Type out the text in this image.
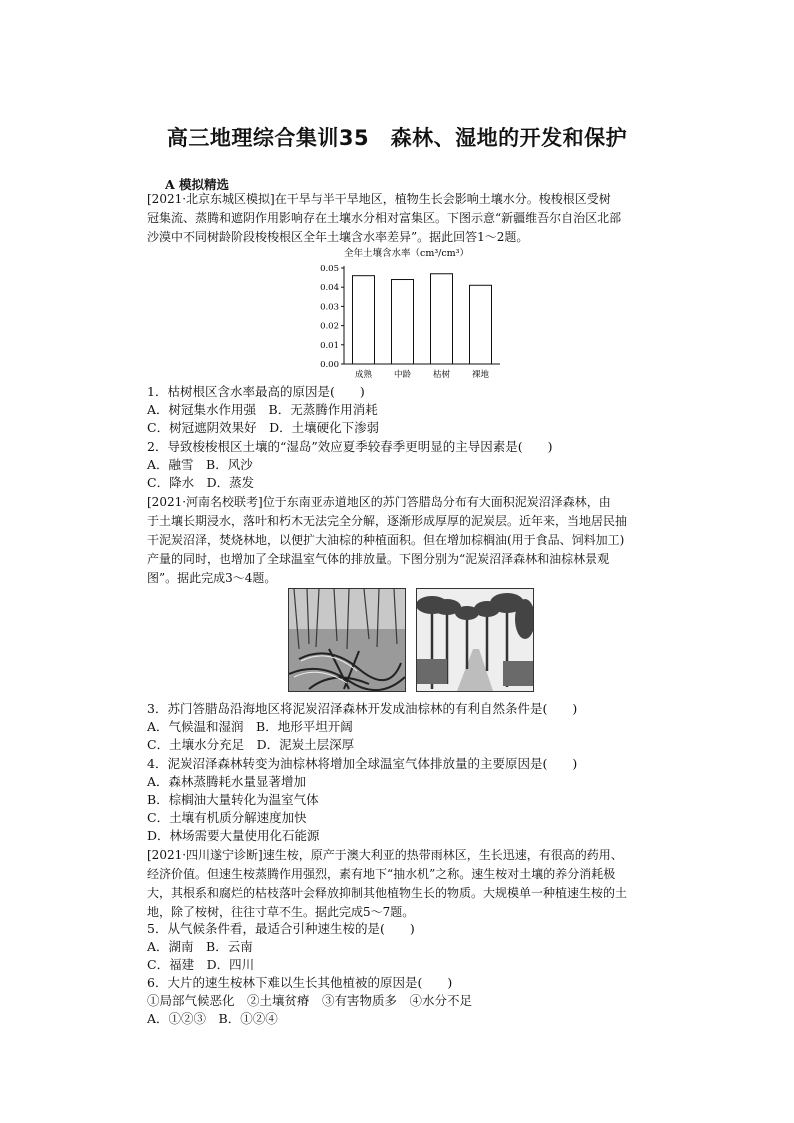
高三地理综合集训35　森林、湿地的开发和保护
A 模拟精选
[2021·北京东城区模拟]在干旱与半干旱地区，植物生长会影响土壤水分。梭梭根区受树
冠集流、蒸腾和遮阴作用影响存在土壤水分相对富集区。下图示意“新疆维吾尔自治区北部
沙漠中不同树龄阶段梭梭根区全年土壤含水率差异”。据此回答1～2题。
全年土壤含水率（cm³/cm³）
0.00
0.01
0.02
0.03
0.04
0.05
成熟	中龄	枯树	裸地
1．枯树根区含水率最高的原因是(　　)
A．树冠集水作用强　B．无蒸腾作用消耗
C．树冠遮阴效果好　D．土壤硬化下渗弱
2．导致梭梭根区土壤的“湿岛”效应夏季较春季更明显的主导因素是(　　)
A．融雪　B．风沙
C．降水　D．蒸发
[2021·河南名校联考]位于东南亚赤道地区的苏门答腊岛分布有大面积泥炭沼泽森林，由
于土壤长期浸水，落叶和朽木无法完全分解，逐渐形成厚厚的泥炭层。近年来，当地居民抽
干泥炭沼泽，焚烧林地，以便扩大油棕的种植面积。但在增加棕榈油(用于食品、饲料加工)
产量的同时，也增加了全球温室气体的排放量。下图分别为“泥炭沼泽森林和油棕林景观
图”。据此完成3～4题。
3．苏门答腊岛沿海地区将泥炭沼泽森林开发成油棕林的有利自然条件是(　　)
A．气候温和湿润　B．地形平坦开阔
C．土壤水分充足　D．泥炭土层深厚
4．泥炭沼泽森林转变为油棕林将增加全球温室气体排放量的主要原因是(　　)
A．森林蒸腾耗水量显著增加
B．棕榈油大量转化为温室气体
C．土壤有机质分解速度加快
D．林场需要大量使用化石能源
[2021·四川遂宁诊断]速生桉，原产于澳大利亚的热带雨林区，生长迅速，有很高的药用、
经济价值。但速生桉蒸腾作用强烈，素有地下“抽水机”之称。速生桉对土壤的养分消耗极
大，其根系和腐烂的枯枝落叶会释放抑制其他植物生长的物质。大规模单一种植速生桉的土
地，除了桉树，往往寸草不生。据此完成5～7题。
5．从气候条件看，最适合引种速生桉的是(　　)
A．湖南　B．云南
C．福建　D．四川
6．大片的速生桉林下难以生长其他植被的原因是(　　)
①局部气候恶化　②土壤贫瘠　③有害物质多　④水分不足
A．①②③　B．①②④
